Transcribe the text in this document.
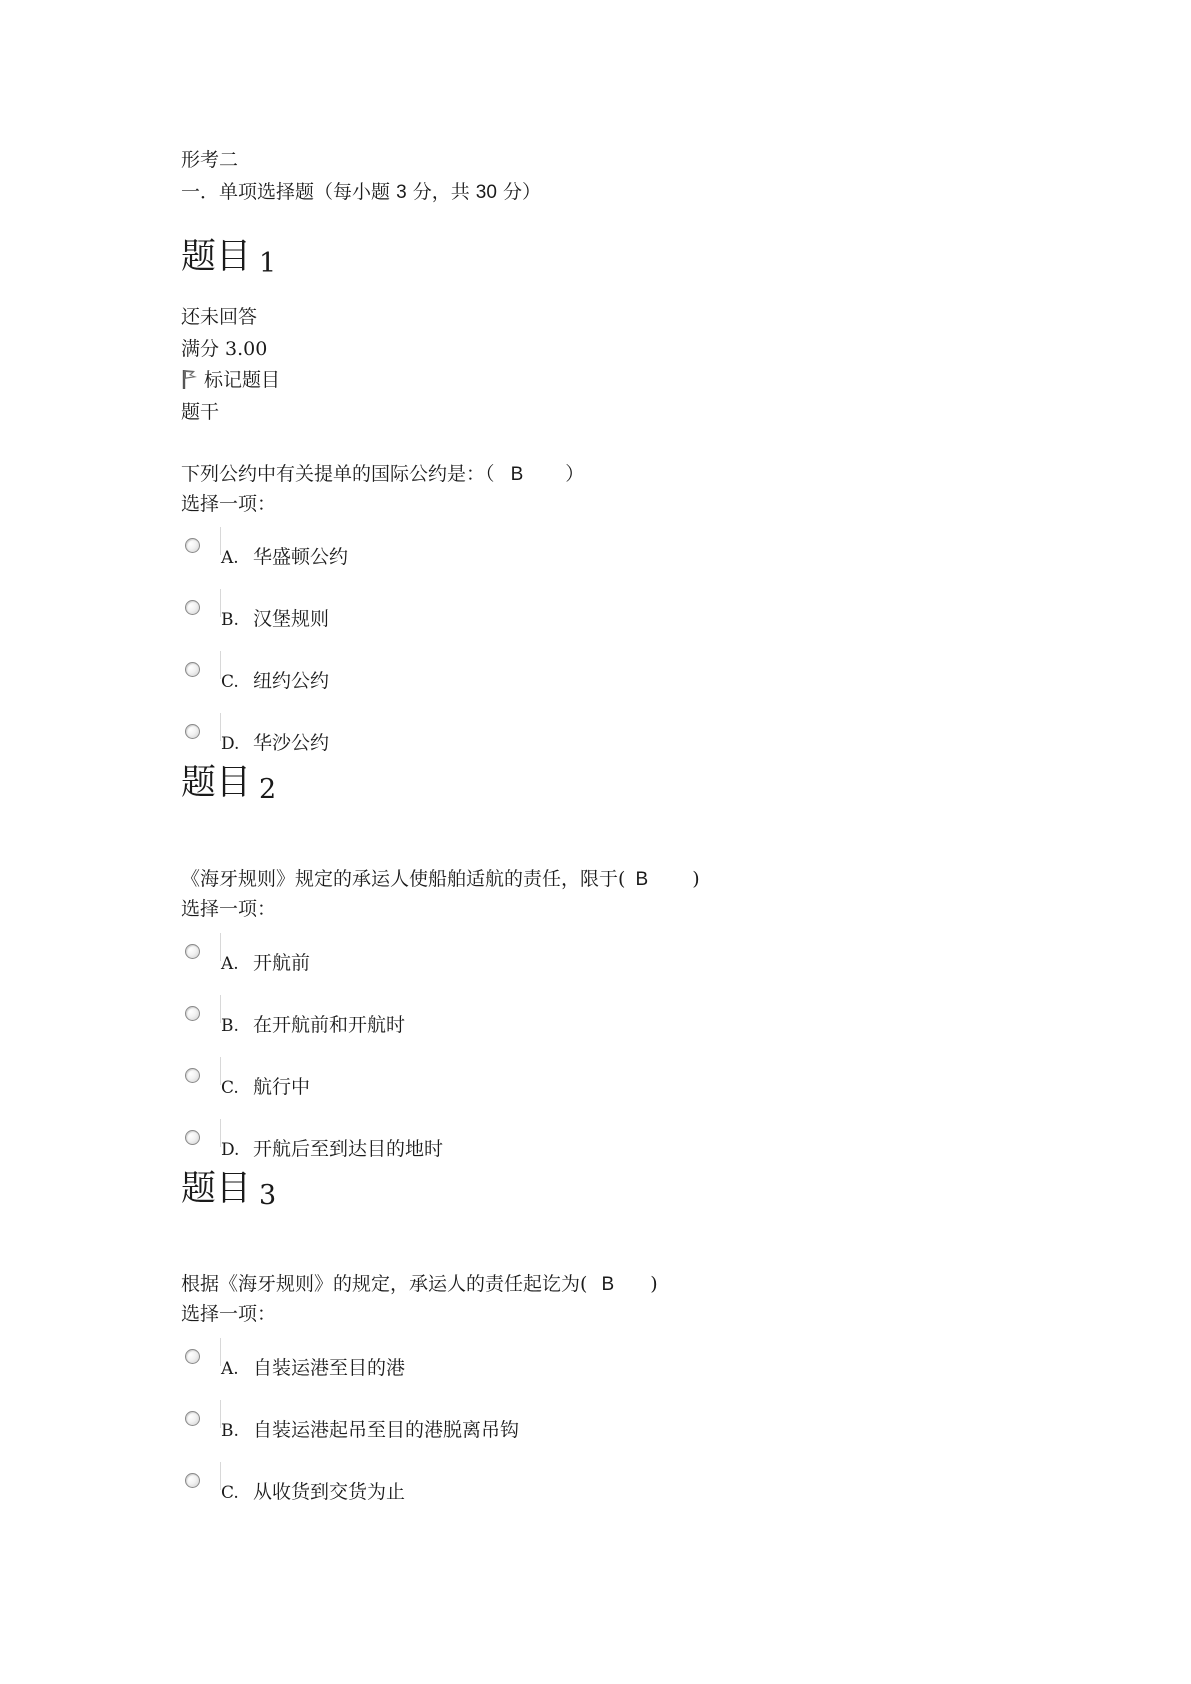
形考二
一．单项选择题（每小题 3 分，共 30 分）
题目 1
还未回答
满分 3.00
标记题目
题干
下列公约中有关提单的国际公约是：（ B ）
选择一项：
A. 华盛顿公约
B. 汉堡规则
C. 纽约公约
D. 华沙公约
题目 2
《海牙规则》规定的承运人使船舶适航的责任，限于( B )
选择一项：
A. 开航前
B. 在开航前和开航时
C. 航行中
D. 开航后至到达目的地时
题目 3
根据《海牙规则》的规定，承运人的责任起讫为( B )
选择一项：
A. 自装运港至目的港
B. 自装运港起吊至目的港脱离吊钩
C. 从收货到交货为止
